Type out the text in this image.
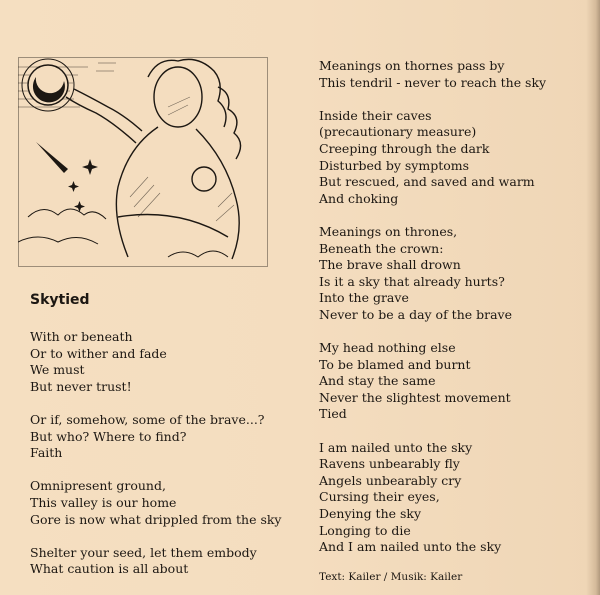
Skytied
With or beneath
Or to wither and fade
We must
But never trust!
Or if, somehow, some of the brave...?
But who? Where to find?
Faith
Omnipresent ground,
This valley is our home
Gore is now what drippled from the sky
Shelter your seed, let them embody
What caution is all about
Meanings on thornes pass by
This tendril - never to reach the sky
Inside their caves
(precautionary measure)
Creeping through the dark
Disturbed by symptoms
But rescued, and saved and warm
And choking
Meanings on thrones,
Beneath the crown:
The brave shall drown
Is it a sky that already hurts?
Into the grave
Never to be a day of the brave
My head nothing else
To be blamed and burnt
And stay the same
Never the slightest movement
Tied
I am nailed unto the sky
Ravens unbearably fly
Angels unbearably cry
Cursing their eyes,
Denying the sky
Longing to die
And I am nailed unto the sky
Text: Kailer / Musik: Kailer
